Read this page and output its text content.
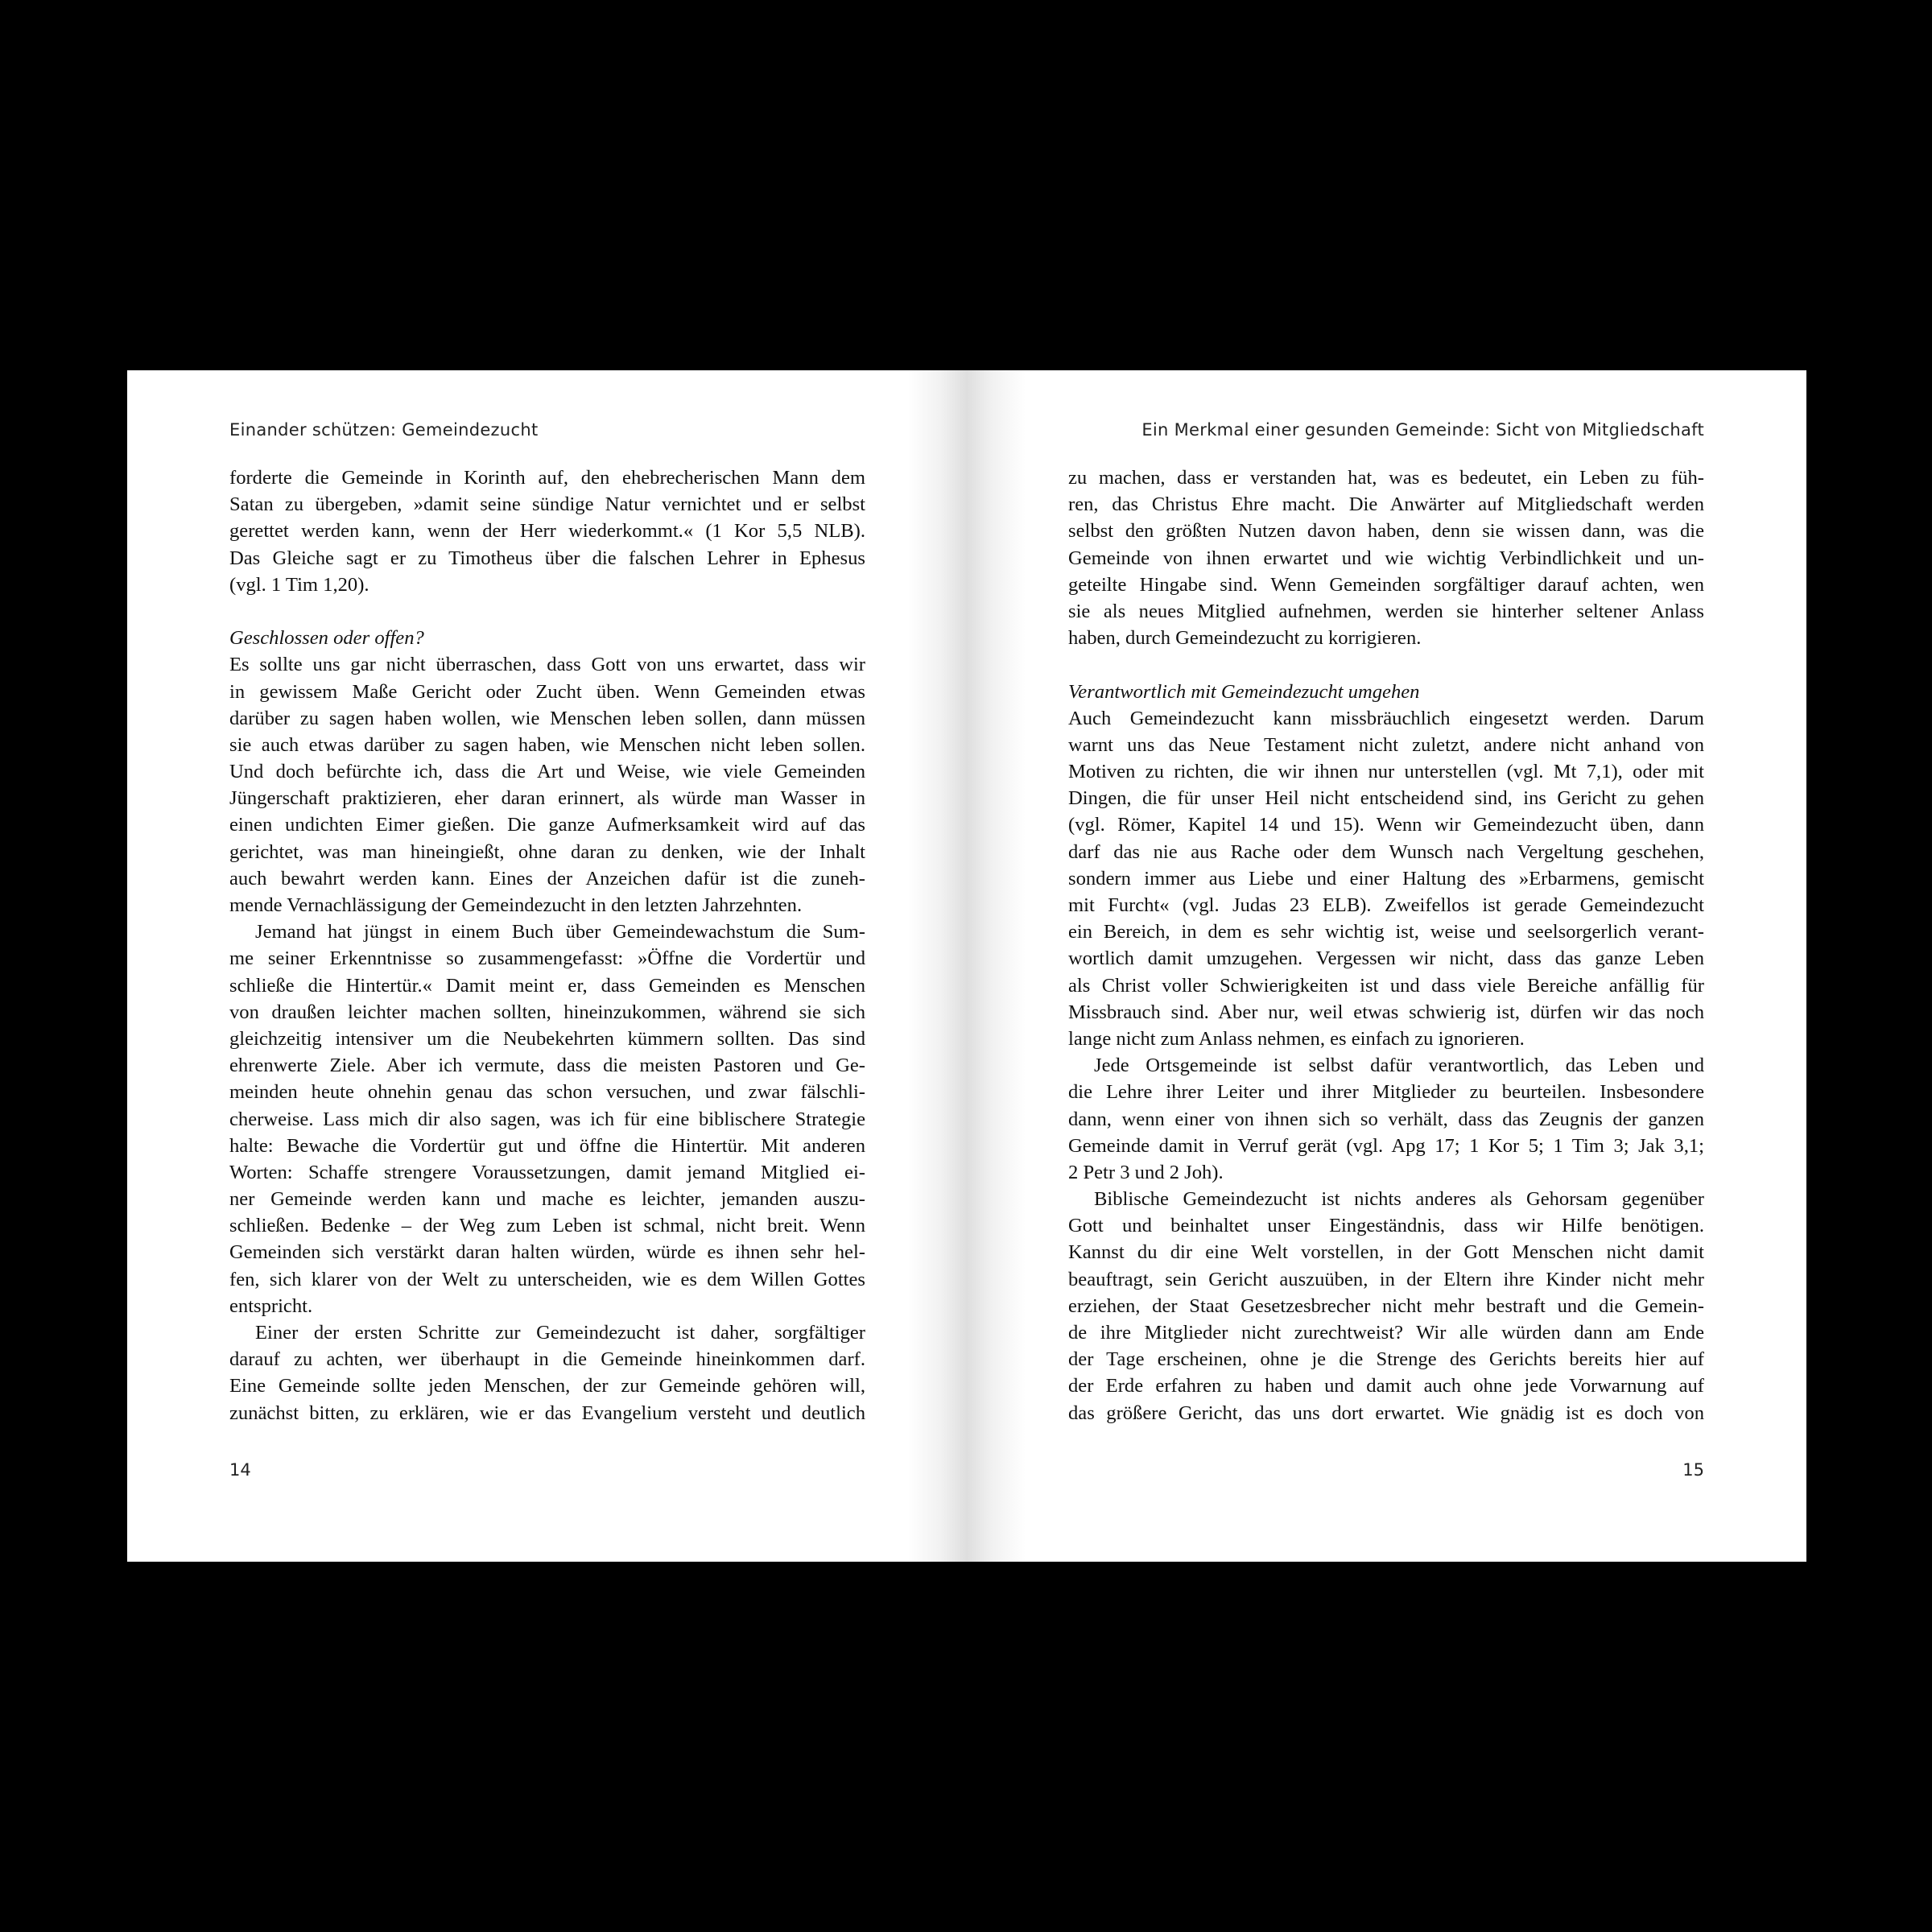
Einander schützen: Gemeindezucht
forderte die Gemeinde in Korinth auf, den ehebrecherischen Mann dem
Satan zu übergeben, »damit seine sündige Natur vernichtet und er selbst
gerettet werden kann, wenn der Herr wiederkommt.« (1 Kor 5,5 NLB).
Das Gleiche sagt er zu Timotheus über die falschen Lehrer in Ephesus
(vgl. 1 Tim 1,20).
Geschlossen oder offen?
Es sollte uns gar nicht überraschen, dass Gott von uns erwartet, dass wir
in gewissem Maße Gericht oder Zucht üben. Wenn Gemeinden etwas
darüber zu sagen haben wollen, wie Menschen leben sollen, dann müssen
sie auch etwas darüber zu sagen haben, wie Menschen nicht leben sollen.
Und doch befürchte ich, dass die Art und Weise, wie viele Gemeinden
Jüngerschaft praktizieren, eher daran erinnert, als würde man Wasser in
einen undichten Eimer gießen. Die ganze Aufmerksamkeit wird auf das
gerichtet, was man hineingießt, ohne daran zu denken, wie der Inhalt
auch bewahrt werden kann. Eines der Anzeichen dafür ist die zuneh-
mende Vernachlässigung der Gemeindezucht in den letzten Jahrzehnten.
Jemand hat jüngst in einem Buch über Gemeindewachstum die Sum-
me seiner Erkenntnisse so zusammengefasst: »Öffne die Vordertür und
schließe die Hintertür.« Damit meint er, dass Gemeinden es Menschen
von draußen leichter machen sollten, hineinzukommen, während sie sich
gleichzeitig intensiver um die Neubekehrten kümmern sollten. Das sind
ehrenwerte Ziele. Aber ich vermute, dass die meisten Pastoren und Ge-
meinden heute ohnehin genau das schon versuchen, und zwar fälschli-
cherweise. Lass mich dir also sagen, was ich für eine biblischere Strategie
halte: Bewache die Vordertür gut und öffne die Hintertür. Mit anderen
Worten: Schaffe strengere Voraussetzungen, damit jemand Mitglied ei-
ner Gemeinde werden kann und mache es leichter, jemanden auszu-
schließen. Bedenke – der Weg zum Leben ist schmal, nicht breit. Wenn
Gemeinden sich verstärkt daran halten würden, würde es ihnen sehr hel-
fen, sich klarer von der Welt zu unterscheiden, wie es dem Willen Gottes
entspricht.
Einer der ersten Schritte zur Gemeindezucht ist daher, sorgfältiger
darauf zu achten, wer überhaupt in die Gemeinde hineinkommen darf.
Eine Gemeinde sollte jeden Menschen, der zur Gemeinde gehören will,
zunächst bitten, zu erklären, wie er das Evangelium versteht und deutlich
14
Ein Merkmal einer gesunden Gemeinde: Sicht von Mitgliedschaft
zu machen, dass er verstanden hat, was es bedeutet, ein Leben zu füh-
ren, das Christus Ehre macht. Die Anwärter auf Mitgliedschaft werden
selbst den größten Nutzen davon haben, denn sie wissen dann, was die
Gemeinde von ihnen erwartet und wie wichtig Verbindlichkeit und un-
geteilte Hingabe sind. Wenn Gemeinden sorgfältiger darauf achten, wen
sie als neues Mitglied aufnehmen, werden sie hinterher seltener Anlass
haben, durch Gemeindezucht zu korrigieren.
Verantwortlich mit Gemeindezucht umgehen
Auch Gemeindezucht kann missbräuchlich eingesetzt werden. Darum
warnt uns das Neue Testament nicht zuletzt, andere nicht anhand von
Motiven zu richten, die wir ihnen nur unterstellen (vgl. Mt 7,1), oder mit
Dingen, die für unser Heil nicht entscheidend sind, ins Gericht zu gehen
(vgl. Römer, Kapitel 14 und 15). Wenn wir Gemeindezucht üben, dann
darf das nie aus Rache oder dem Wunsch nach Vergeltung geschehen,
sondern immer aus Liebe und einer Haltung des »Erbarmens, gemischt
mit Furcht« (vgl. Judas 23 ELB). Zweifellos ist gerade Gemeindezucht
ein Bereich, in dem es sehr wichtig ist, weise und seelsorgerlich verant-
wortlich damit umzugehen. Vergessen wir nicht, dass das ganze Leben
als Christ voller Schwierigkeiten ist und dass viele Bereiche anfällig für
Missbrauch sind. Aber nur, weil etwas schwierig ist, dürfen wir das noch
lange nicht zum Anlass nehmen, es einfach zu ignorieren.
Jede Ortsgemeinde ist selbst dafür verantwortlich, das Leben und
die Lehre ihrer Leiter und ihrer Mitglieder zu beurteilen. Insbesondere
dann, wenn einer von ihnen sich so verhält, dass das Zeugnis der ganzen
Gemeinde damit in Verruf gerät (vgl. Apg 17; 1 Kor 5; 1 Tim 3; Jak 3,1;
2 Petr 3 und 2 Joh).
Biblische Gemeindezucht ist nichts anderes als Gehorsam gegenüber
Gott und beinhaltet unser Eingeständnis, dass wir Hilfe benötigen.
Kannst du dir eine Welt vorstellen, in der Gott Menschen nicht damit
beauftragt, sein Gericht auszuüben, in der Eltern ihre Kinder nicht mehr
erziehen, der Staat Gesetzesbrecher nicht mehr bestraft und die Gemein-
de ihre Mitglieder nicht zurechtweist? Wir alle würden dann am Ende
der Tage erscheinen, ohne je die Strenge des Gerichts bereits hier auf
der Erde erfahren zu haben und damit auch ohne jede Vorwarnung auf
das größere Gericht, das uns dort erwartet. Wie gnädig ist es doch von
15
